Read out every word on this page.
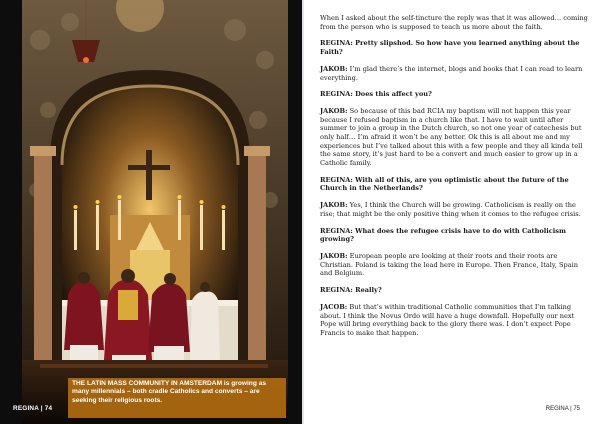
THE LATIN MASS COMMUNITY IN AMSTERDAM is growing as many millennials – both cradle Catholics and converts – are seeking their religious roots.
REGINA | 74

When I asked about the self-tincture the reply was that it was allowed… coming from the person who is supposed to teach us more about the faith.

REGINA: Pretty slipshod. So how have you learned anything about the Faith?

JAKOB: I’m glad there’s the internet, blogs and books that I can read to learn everything.

REGINA: Does this affect you?

JAKOB: So because of this bad RCIA my baptism will not happen this year because I refused baptism in a church like that. I have to wait until after summer to join a group in the Dutch church, so not one year of catechesis but only half… I’m afraid it won’t be any better. Ok this is all about me and my experiences but I’ve talked about this with a few people and they all kinda tell the same story, it’s just hard to be a convert and much easier to grow up in a Catholic family.

REGINA: With all of this, are you optimistic about the future of the Church in the Netherlands?

JAKOB: Yes, I think the Church will be growing. Catholicism is really on the rise; that might be the only positive thing when it comes to the refugee crisis.

REGINA: What does the refugee crisis have to do with Catholicism growing?

JAKOB: European people are looking at their roots and their roots are Christian. Poland is taking the lead here in Europe. Then France, Italy, Spain and Belgium.

REGINA: Really?

JACOB: But that’s within traditional Catholic communities that I’m talking about. I think the Novus Ordo will have a huge downfall. Hopefully our next Pope will bring everything back to the glory there was. I don’t expect Pope Francis to make that happen.

REGINA | 75
